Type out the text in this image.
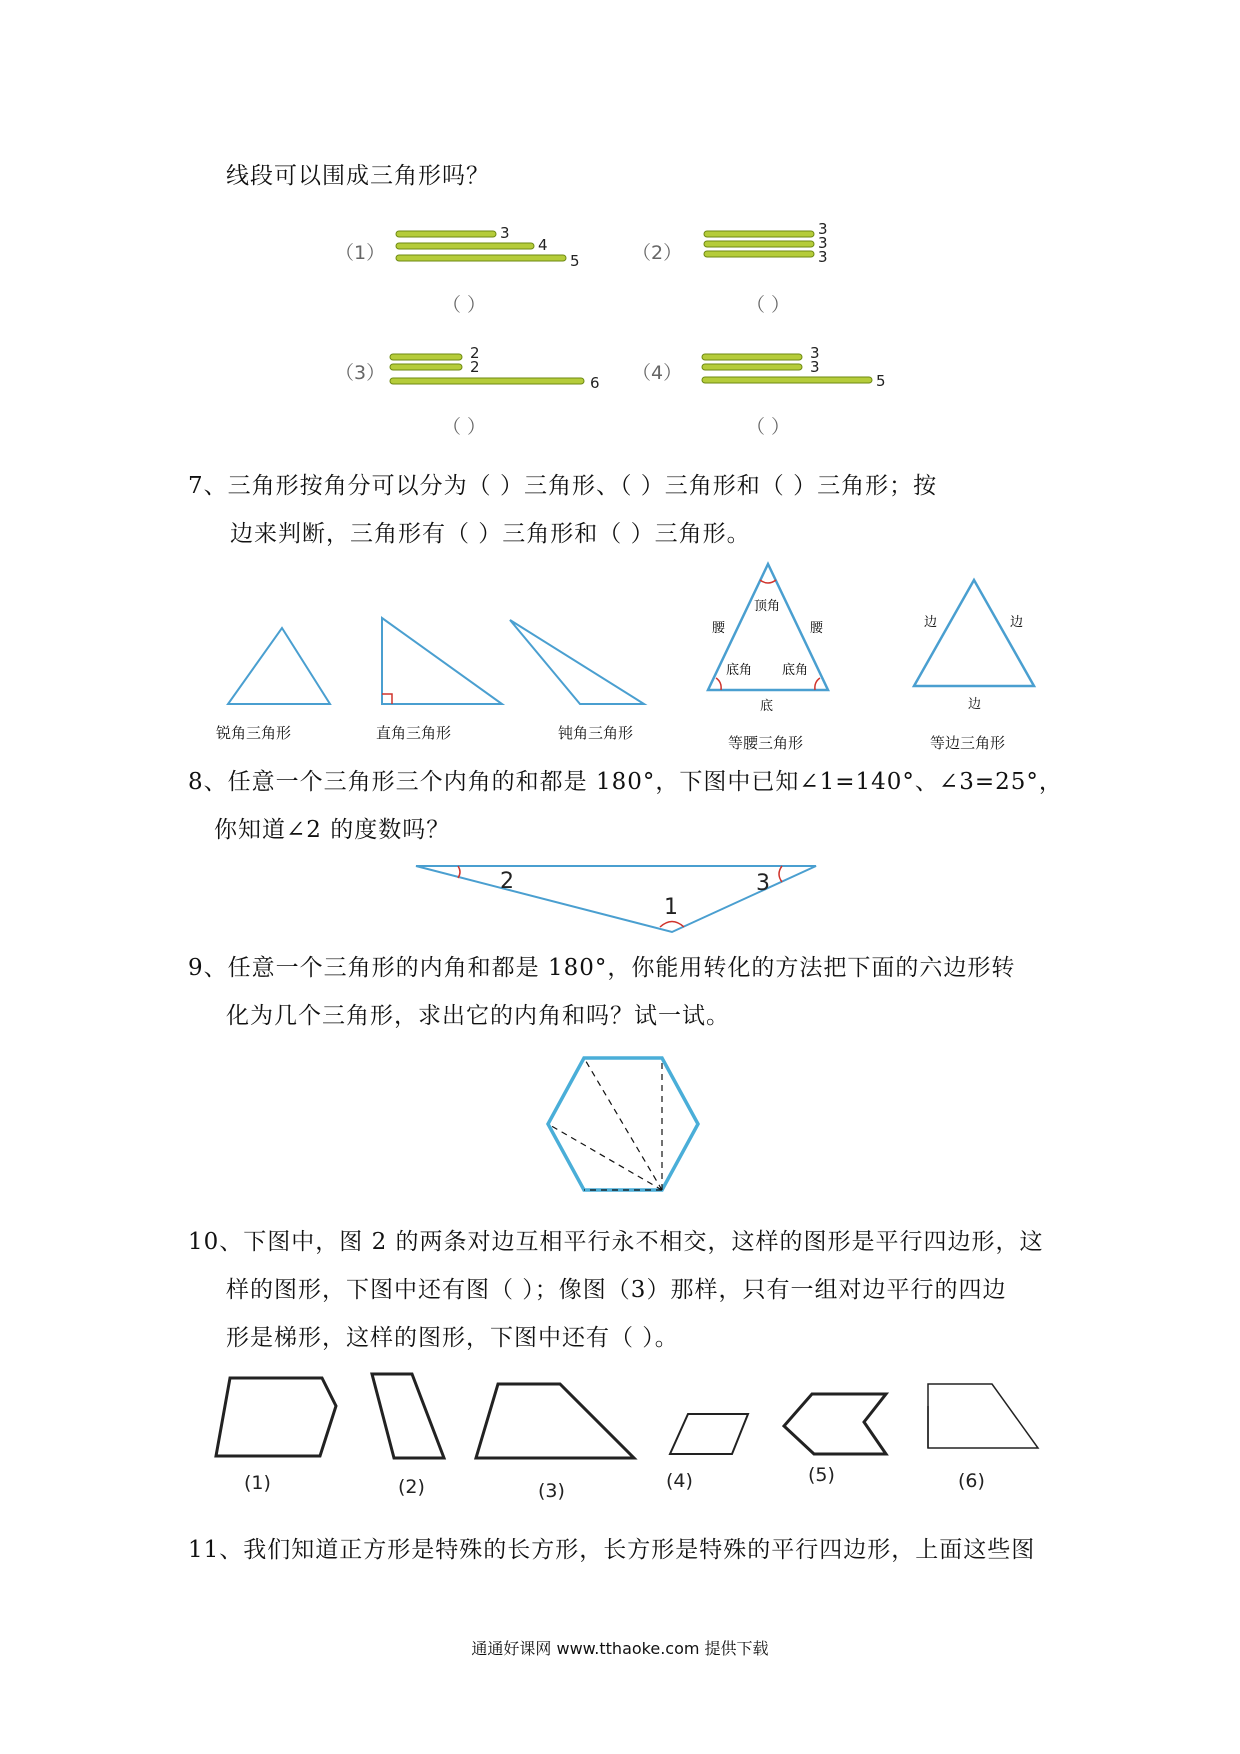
线段可以围成三角形吗？
（1）
3
4
5
（ ）
（2）
3
3
3
（ ）
（3）
2
2
6
（ ）
（4）
3
3
5
（ ）
7、三角形按角分可以分为（ ）三角形、（ ）三角形和（ ）三角形；按
边来判断，三角形有（ ）三角形和（ ）三角形。
锐角三角形	直角三角形	钝角三角形
顶角
腰	腰
底角 底角
底
等腰三角形
边	边
边
等边三角形
8、任意一个三角形三个内角的和都是 180°，下图中已知∠1=140°、∠3=25°，
你知道∠2 的度数吗？
2	3
1
9、任意一个三角形的内角和都是 180°，你能用转化的方法把下面的六边形转
化为几个三角形，求出它的内角和吗？试一试。
10、下图中，图 2 的两条对边互相平行永不相交，这样的图形是平行四边形，这
样的图形，下图中还有图（ ）；像图（3）那样，只有一组对边平行的四边
形是梯形，这样的图形，下图中还有（ ）。
(1)	(2)	(3)	(4)	(5)	(6)
11、我们知道正方形是特殊的长方形，长方形是特殊的平行四边形，上面这些图
通通好课网 www.tthaoke.com 提供下载
